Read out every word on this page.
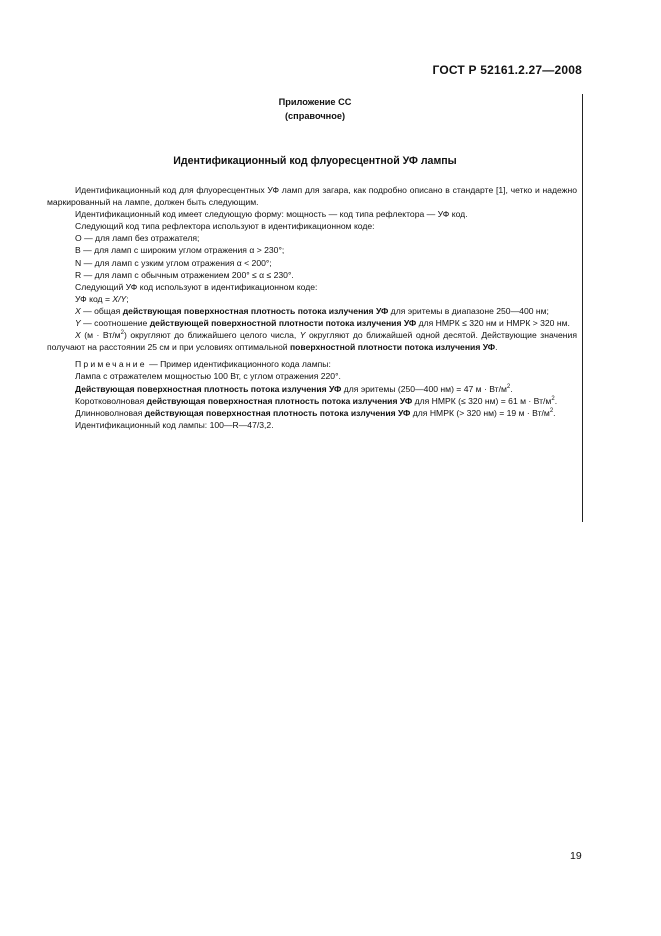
ГОСТ Р 52161.2.27—2008
Приложение СС
(справочное)
Идентификационный код флуоресцентной УФ лампы

Идентификационный код для флуоресцентных УФ ламп для загара, как подробно описано в стандарте [1], четко и надежно маркированный на лампе, должен быть следующим.

Идентификационный код имеет следующую форму: мощность — код типа рефлектора — УФ код.

Следующий код типа рефлектора используют в идентификационном коде:

О — для ламп без отражателя;

В — для ламп с широким углом отражения α > 230°;

N — для ламп с узким углом отражения α < 200°;

R — для ламп с обычным отражением 200° ≤ α ≤ 230°.

Следующий УФ код используют в идентификационном коде:

УФ код = X/Y;

X — общая действующая поверхностная плотность потока излучения УФ для эритемы в диапазоне 250—400 нм;

Y — соотношение действующей поверхностной плотности потока излучения УФ для НМРК ≤ 320 нм и НМРК > 320 нм.

X $(м \cdot Вт/м^2)$ округляют до ближайшего целого числа, Y округляют до ближайшей одной десятой. Действующие значения получают на расстоянии 25 см и при условиях оптимальной поверхностной плотности потока излучения УФ.

Примечание — Пример идентификационного кода лампы:

Лампа с отражателем мощностью 100 Вт, с углом отражения 220°.

Действующая поверхностная плотность потока излучения УФ для эритемы (250—400 нм) = 47 $м \cdot Вт/м^2$.

Коротковолновая действующая поверхностная плотность потока излучения УФ для НМРК (≤ 320 нм) = 61 $м \cdot Вт/м^2$.

Длинноволновая действующая поверхностная плотность потока излучения УФ для НМРК (> 320 нм) = 19 $м \cdot Вт/м^2$.

Идентификационный код лампы: 100—R—47/3,2.

19
